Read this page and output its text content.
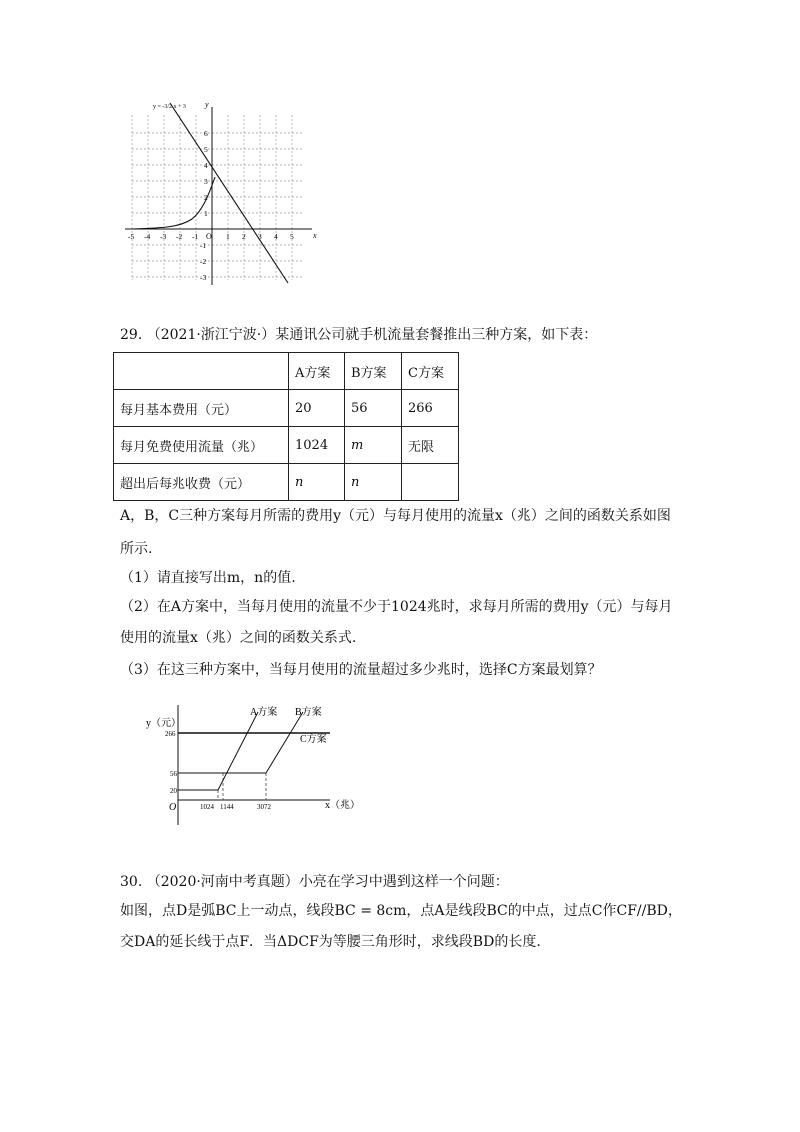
y = -3/2 x + 3 y
x
O
-5 -4 -3 -2 -1	1 2 3 4 5
6
5
4
3
2
1
-1
-2
-3
29. （2021·浙江宁波·）某通讯公司就手机流量套餐推出三种方案，如下表：
	A方案	B方案	C方案
每月基本费用（元）	20	56	266
每月免费使用流量（兆）	1024	m	无限
超出后每兆收费（元）	n	n	
A，B，C三种方案每月所需的费用y（元）与每月使用的流量x（兆）之间的函数关系如图
所示.
（1）请直接写出m，n的值.
（2）在A方案中，当每月使用的流量不少于1024兆时，求每月所需的费用y（元）与每月
使用的流量x（兆）之间的函数关系式.
（3）在这三种方案中，当每月使用的流量超过多少兆时，选择C方案最划算？
y（元）
x（兆）
O
A方案 B方案
C方案
266
56
20
1024 1144	3072
30. （2020·河南中考真题）小亮在学习中遇到这样一个问题：
如图，点D是弧BC上一动点，线段BC = 8cm，点A是线段BC的中点，过点C作CF//BD，
交DA的延长线于点F．当ΔDCF为等腰三角形时，求线段BD的长度.
